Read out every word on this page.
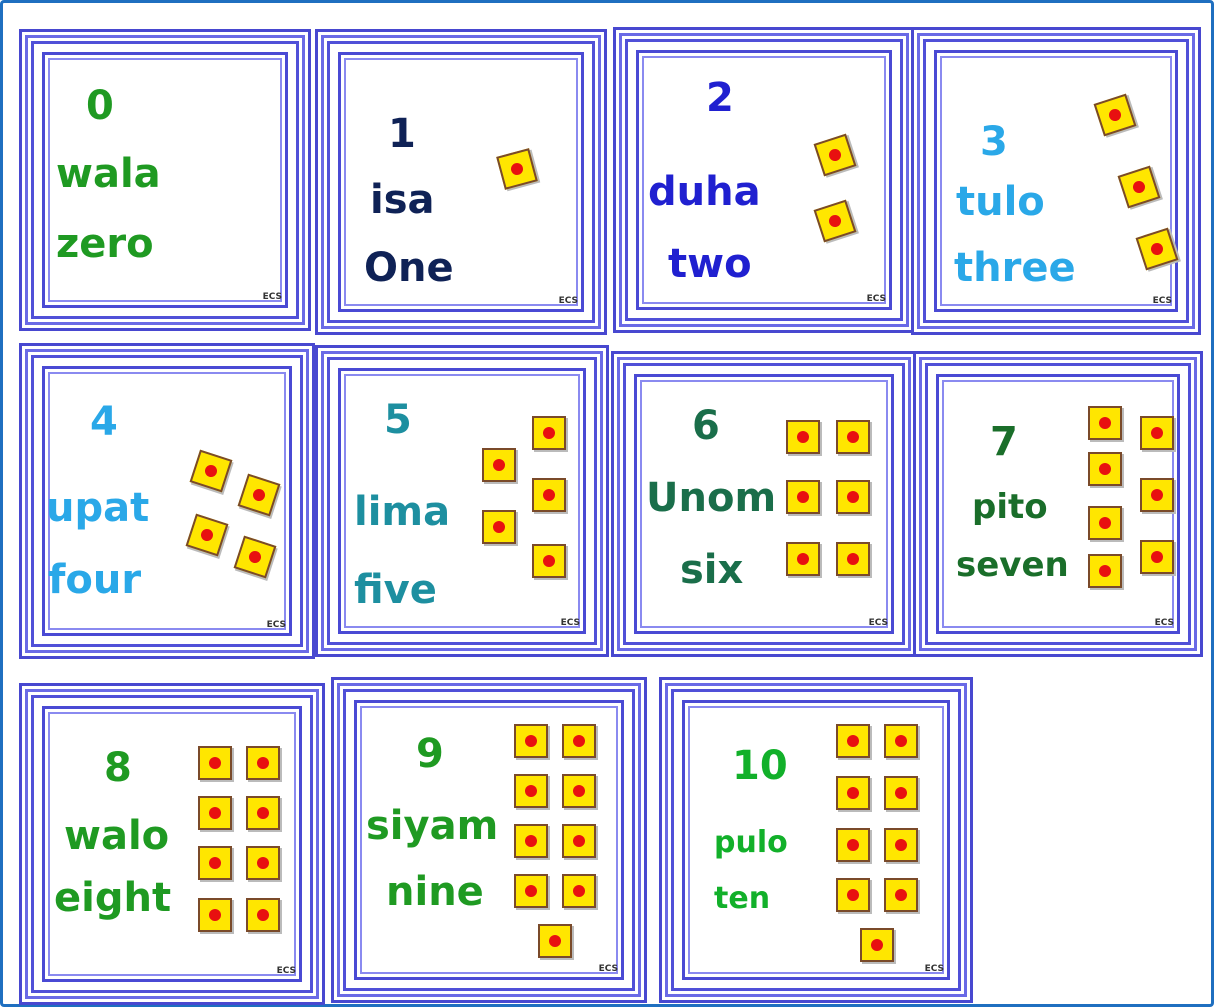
0
wala
zero
ECS
1
isa
One
ECS
2
duha
two
ECS
3
tulo
three
ECS
4
upat
four
ECS
5
lima
five
ECS
6
Unom
six
ECS
7
pito
seven
ECS
8
walo
eight
ECS
9
siyam
nine
ECS
10
pulo
ten
ECS
